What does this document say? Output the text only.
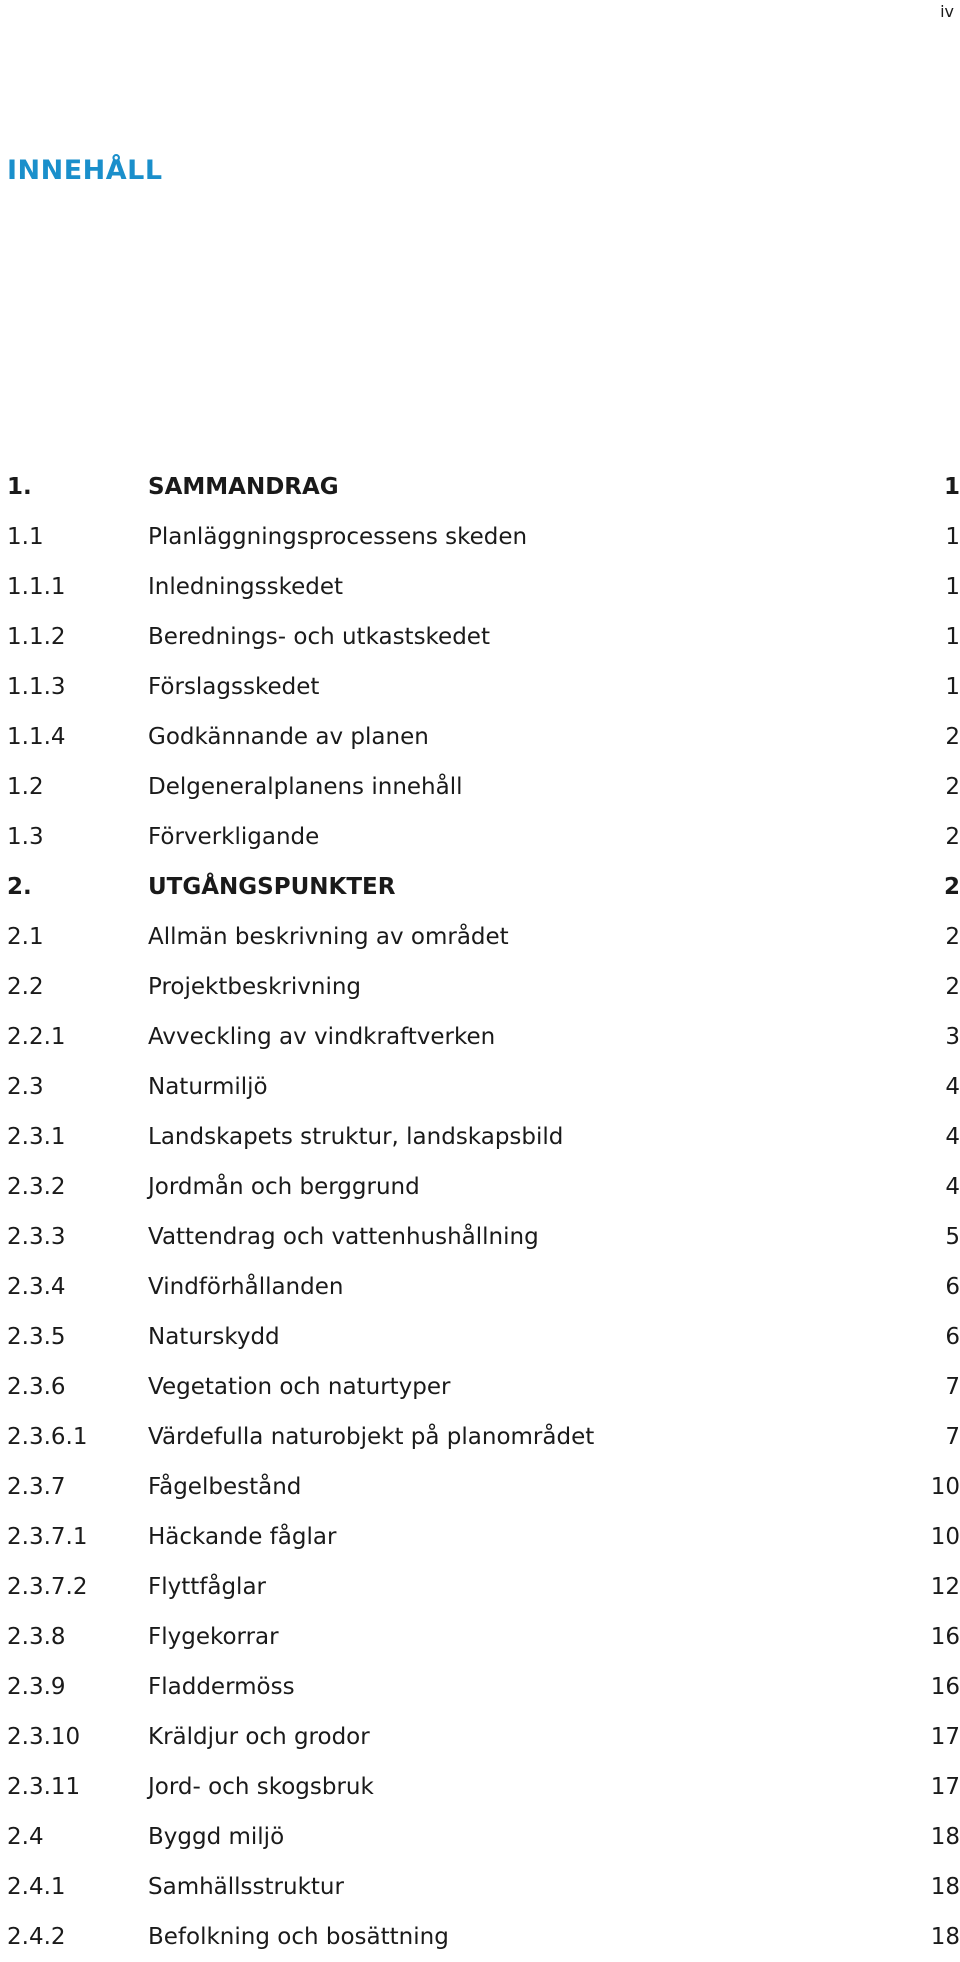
iv
INNEHÅLL
1.	SAMMANDRAG	1
1.1	Planläggningsprocessens skeden	1
1.1.1	Inledningsskedet	1
1.1.2	Berednings- och utkastskedet	1
1.1.3	Förslagsskedet	1
1.1.4	Godkännande av planen	2
1.2	Delgeneralplanens innehåll	2
1.3	Förverkligande	2
2.	UTGÅNGSPUNKTER	2
2.1	Allmän beskrivning av området	2
2.2	Projektbeskrivning	2
2.2.1	Avveckling av vindkraftverken	3
2.3	Naturmiljö	4
2.3.1	Landskapets struktur, landskapsbild	4
2.3.2	Jordmån och berggrund	4
2.3.3	Vattendrag och vattenhushållning	5
2.3.4	Vindförhållanden	6
2.3.5	Naturskydd	6
2.3.6	Vegetation och naturtyper	7
2.3.6.1	Värdefulla naturobjekt på planområdet	7
2.3.7	Fågelbestånd	10
2.3.7.1	Häckande fåglar	10
2.3.7.2	Flyttfåglar	12
2.3.8	Flygekorrar	16
2.3.9	Fladdermöss	16
2.3.10	Kräldjur och grodor	17
2.3.11	Jord- och skogsbruk	17
2.4	Byggd miljö	18
2.4.1	Samhällsstruktur	18
2.4.2	Befolkning och bosättning	18
